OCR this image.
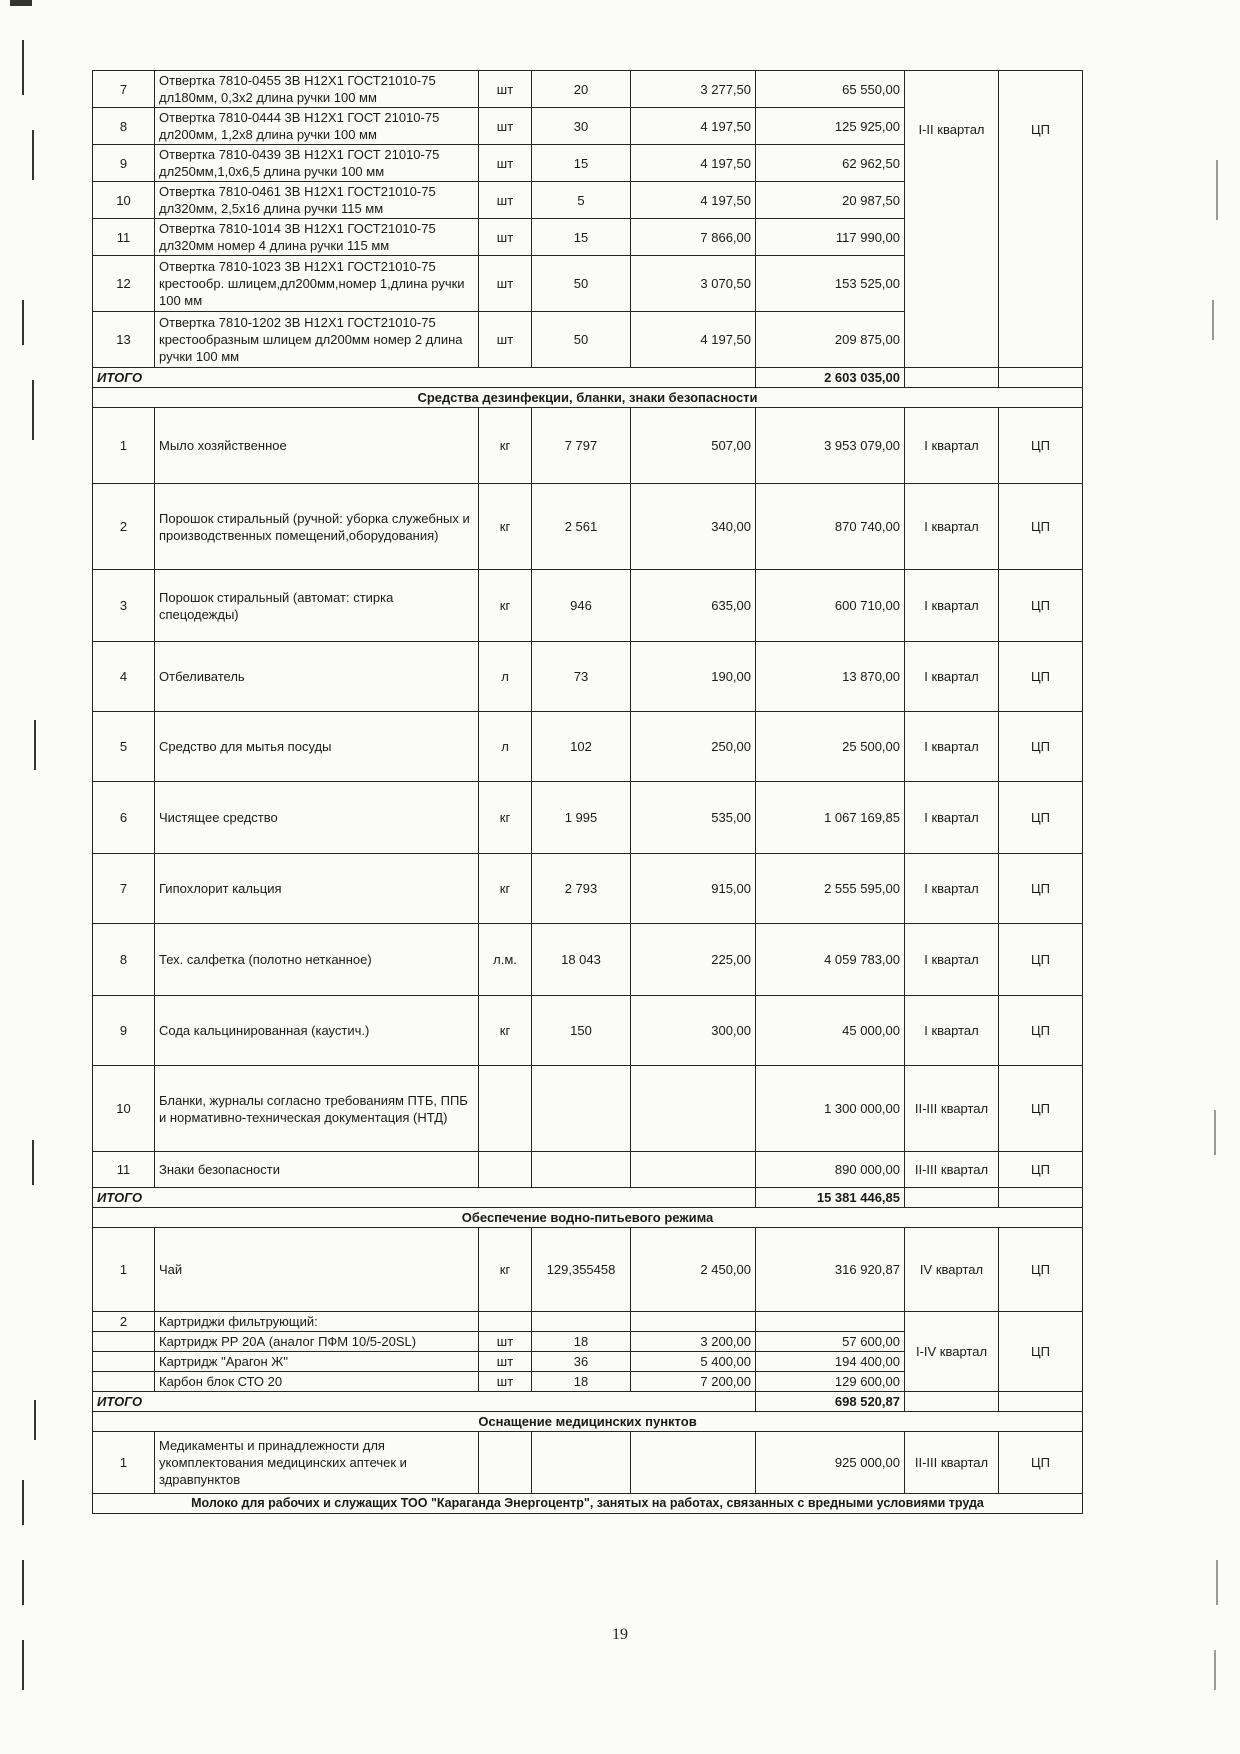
7	Отвертка 7810-0455 3В Н12Х1 ГОСТ21010-75 дл180мм, 0,3х2 длина ручки 100 мм	шт	20	3 277,50	65 550,00	I-II квартал	ЦП
8	Отвертка 7810-0444 3В Н12Х1 ГОСТ 21010-75 дл200мм, 1,2х8 длина ручки 100 мм	шт	30	4 197,50	125 925,00		
9	Отвертка 7810-0439 3В Н12Х1 ГОСТ 21010-75 дл250мм,1,0х6,5 длина ручки 100 мм	шт	15	4 197,50	62 962,50		
10	Отвертка 7810-0461 3В Н12Х1 ГОСТ21010-75 дл320мм, 2,5х16 длина ручки 115 мм	шт	5	4 197,50	20 987,50		
11	Отвертка 7810-1014 3В Н12Х1 ГОСТ21010-75 дл320мм номер 4 длина ручки 115 мм	шт	15	7 866,00	117 990,00		
12	Отвертка 7810-1023 3В Н12Х1 ГОСТ21010-75 крестообр. шлицем,дл200мм,номер 1,длина ручки 100 мм	шт	50	3 070,50	153 525,00		
13	Отвертка 7810-1202 3В Н12Х1 ГОСТ21010-75 крестообразным шлицем дл200мм номер 2 длина ручки 100 мм	шт	50	4 197,50	209 875,00		
ИТОГО					2 603 035,00		
Средства дезинфекции, бланки, знаки безопасности							
1	Мыло хозяйственное	кг	7 797	507,00	3 953 079,00	I квартал	ЦП
2	Порошок стиральный (ручной: уборка служебных и производственных помещений,оборудования)	кг	2 561	340,00	870 740,00	I квартал	ЦП
3	Порошок стиральный (автомат: стирка спецодежды)	кг	946	635,00	600 710,00	I квартал	ЦП
4	Отбеливатель	л	73	190,00	13 870,00	I квартал	ЦП
5	Средство для мытья посуды	л	102	250,00	25 500,00	I квартал	ЦП
6	Чистящее средство	кг	1 995	535,00	1 067 169,85	I квартал	ЦП
7	Гипохлорит кальция	кг	2 793	915,00	2 555 595,00	I квартал	ЦП
8	Тех. салфетка (полотно нетканное)	л.м.	18 043	225,00	4 059 783,00	I квартал	ЦП
9	Сода кальцинированная (каустич.)	кг	150	300,00	45 000,00	I квартал	ЦП
10	Бланки, журналы согласно требованиям ПТБ, ППБ и нормативно-техническая документация (НТД)				1 300 000,00	II-III квартал	ЦП
11	Знаки безопасности				890 000,00	II-III квартал	ЦП
ИТОГО					15 381 446,85		
Обеспечение водно-питьевого режима							
1	Чай	кг	129,355458	2 450,00	316 920,87	IV квартал	ЦП
2	Картриджи фильтрующий:					I-IV квартал	ЦП
	Картридж РР 20А (аналог ПФМ 10/5-20SL)	шт	18	3 200,00	57 600,00		
	Картридж "Арагон Ж"	шт	36	5 400,00	194 400,00		
	Карбон блок СТО 20	шт	18	7 200,00	129 600,00		
ИТОГО					698 520,87		
Оснащение медицинских пунктов							
1	Медикаменты и принадлежности для укомплектования медицинских аптечек и здравпунктов				925 000,00	II-III квартал	ЦП
Молоко для рабочих и служащих ТОО "Караганда Энергоцентр", занятых на работах, связанных с вредными условиями труда							
19
